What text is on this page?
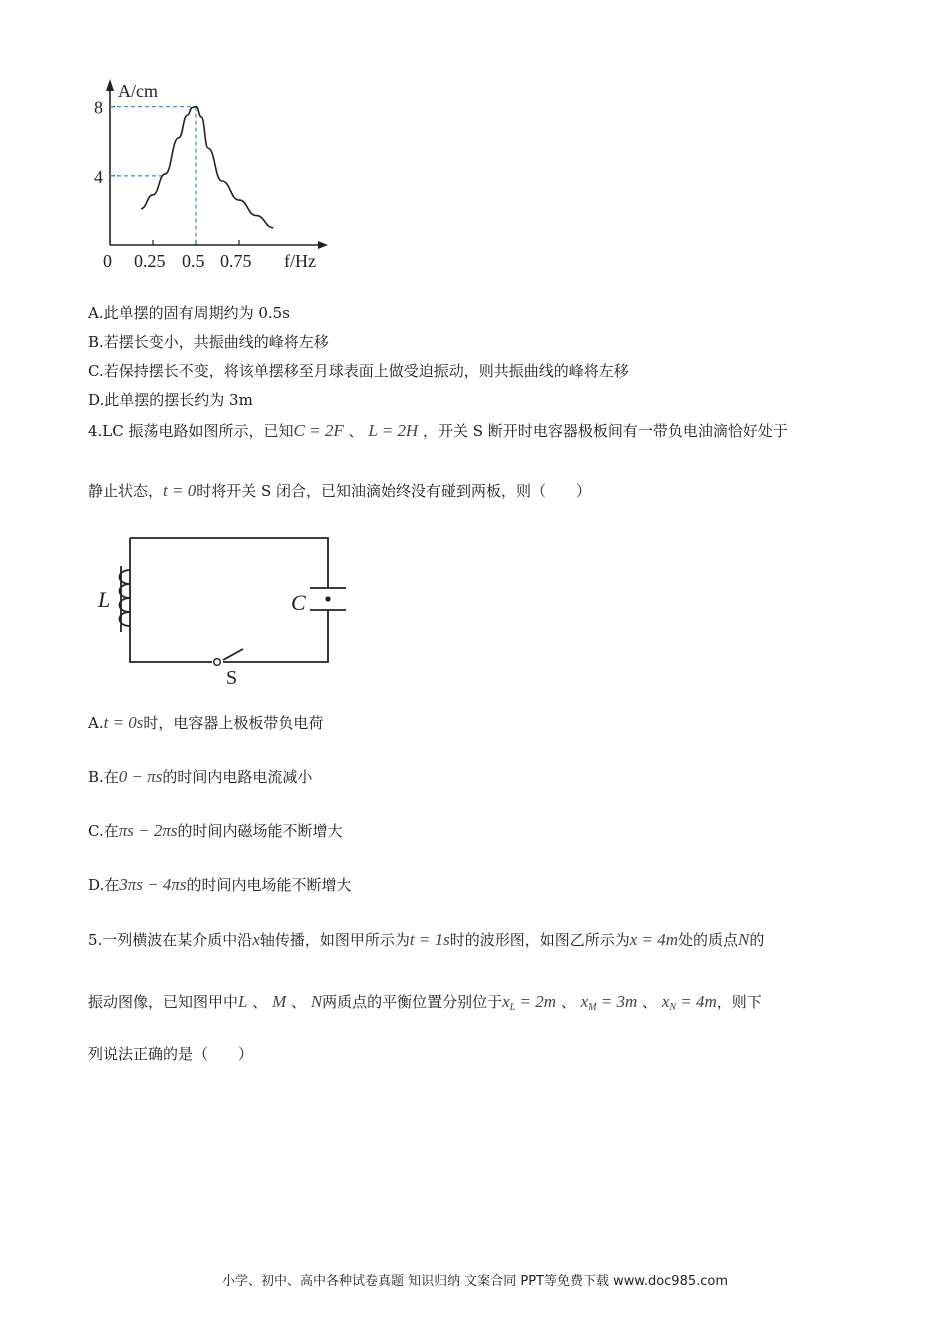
0 0.25 0.5 0.75
4
8
f/Hz
A/cm
A.此单摆的固有周期约为 0.5s
B.若摆长变小，共振曲线的峰将左移
C.若保持摆长不变，将该单摆移至月球表面上做受迫振动，则共振曲线的峰将左移
D.此单摆的摆长约为 3m
4.LC 振荡电路如图所示，已知C = 2F 、 L = 2H ，开关 S 断开时电容器极板间有一带负电油滴恰好处于
静止状态，t = 0时将开关 S 闭合，已知油滴始终没有碰到两板，则（　　）
L	C
S
A.t = 0s时，电容器上极板带负电荷
B.在0 − πs的时间内电路电流减小
C.在πs − 2πs的时间内磁场能不断增大
D.在3πs − 4πs的时间内电场能不断增大
5.一列横波在某介质中沿x轴传播，如图甲所示为t = 1s时的波形图，如图乙所示为x = 4m处的质点N的
振动图像，已知图甲中L 、 M 、 N两质点的平衡位置分别位于$x_L = 2m$ 、 $x_M = 3m$ 、 $x_N = 4m$，则下
列说法正确的是（　　）
小学、初中、高中各种试卷真题 知识归纳 文案合同 PPT等免费下载 www.doc985.com
